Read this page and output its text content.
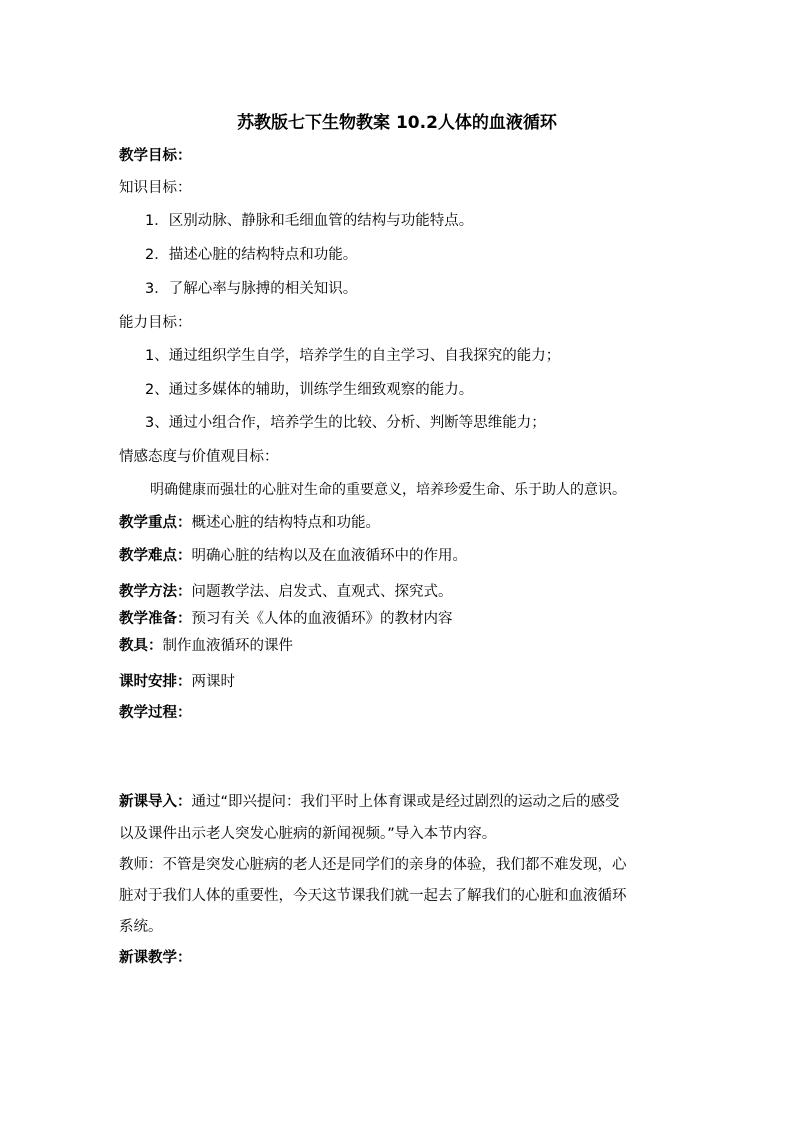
苏教版七下生物教案 10.2人体的血液循环
教学目标：
知识目标：
1．区别动脉、静脉和毛细血管的结构与功能特点。
2．描述心脏的结构特点和功能。
3．了解心率与脉搏的相关知识。
能力目标：
1、通过组织学生自学，培养学生的自主学习、自我探究的能力；
2、通过多媒体的辅助，训练学生细致观察的能力。
3、通过小组合作，培养学生的比较、分析、判断等思维能力；
情感态度与价值观目标：
明确健康而强壮的心脏对生命的重要意义，培养珍爱生命、乐于助人的意识。
教学重点：概述心脏的结构特点和功能。
教学难点：明确心脏的结构以及在血液循环中的作用。
教学方法：问题教学法、启发式、直观式、探究式。
教学准备：预习有关《人体的血液循环》的教材内容
教具：制作血液循环的课件
课时安排：两课时
教学过程：
新课导入：通过“即兴提问：我们平时上体育课或是经过剧烈的运动之后的感受
以及课件出示老人突发心脏病的新闻视频。”导入本节内容。
教师：不管是突发心脏病的老人还是同学们的亲身的体验，我们都不难发现，心
脏对于我们人体的重要性，今天这节课我们就一起去了解我们的心脏和血液循环
系统。
新课教学：
